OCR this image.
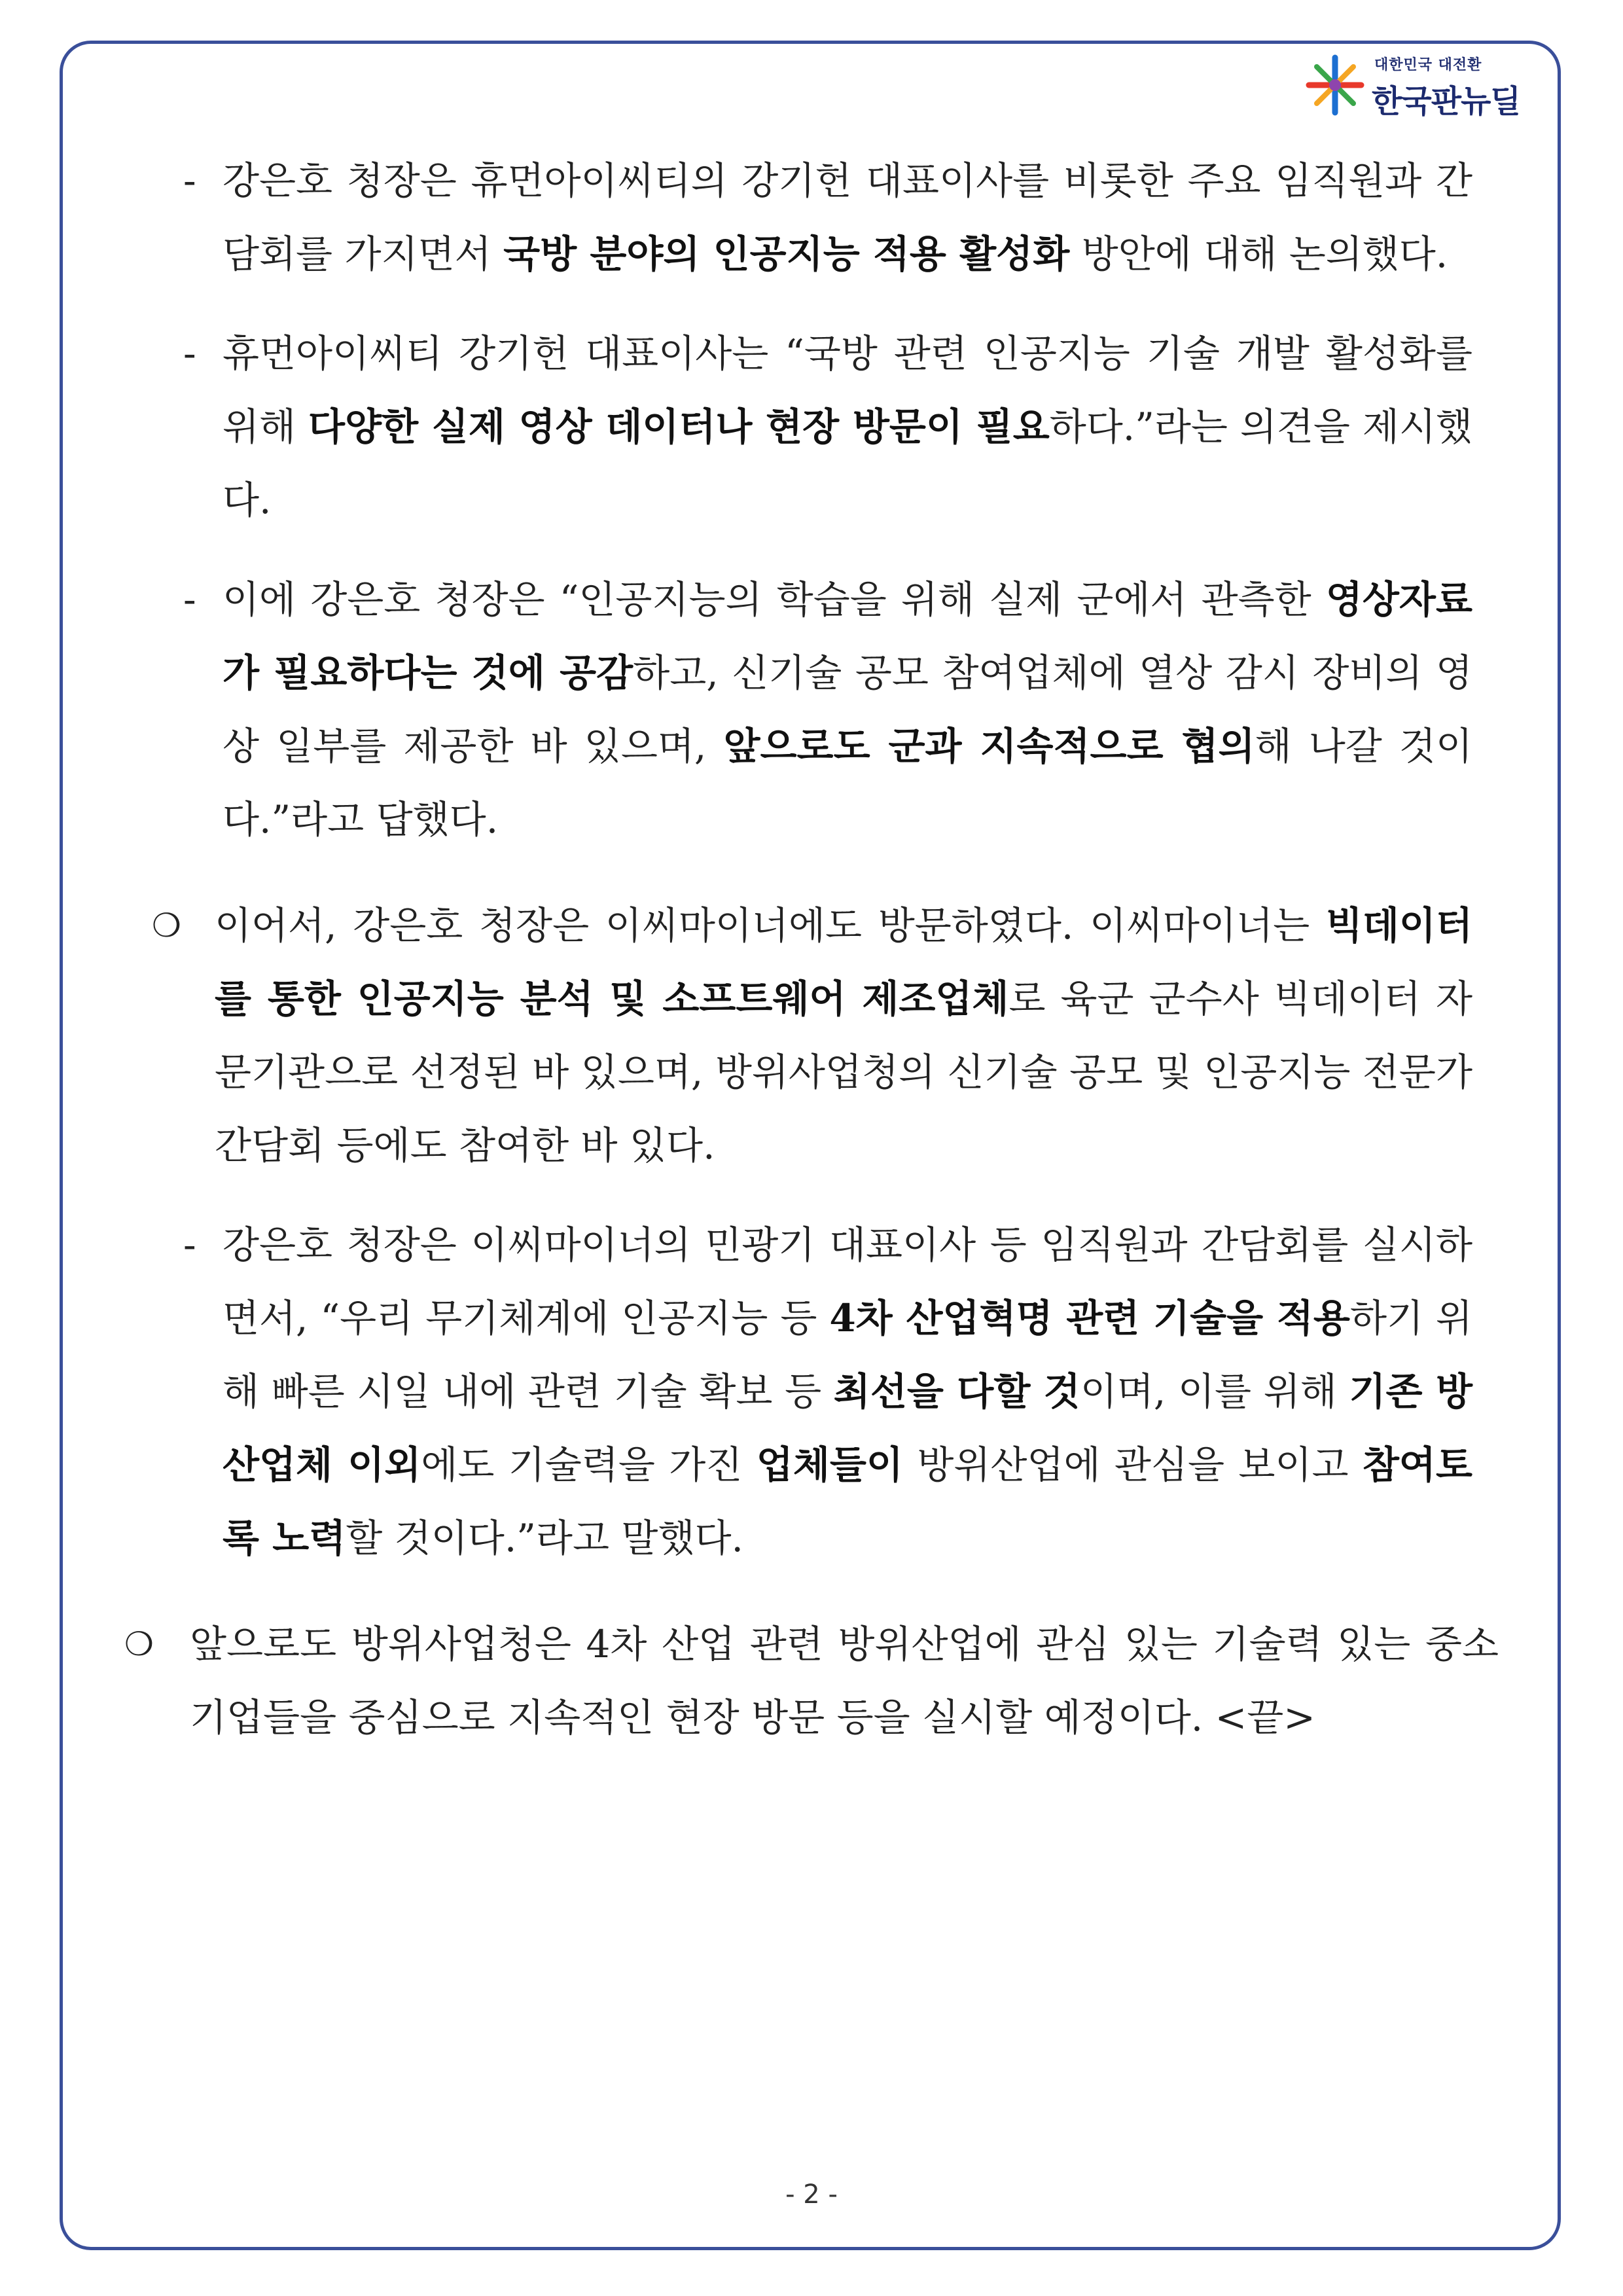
대한민국 대전환
한국판뉴딜
- 강은호 청장은 휴먼아이씨티의 강기헌 대표이사를 비롯한 주요 임직원과 간담회를 가지면서 국방 분야의 인공지능 적용 활성화 방안에 대해 논의했다.
- 휴먼아이씨티 강기헌 대표이사는 “국방 관련 인공지능 기술 개발 활성화를 위해 다양한 실제 영상 데이터나 현장 방문이 필요하다.”라는 의견을 제시했다.
- 이에 강은호 청장은 “인공지능의 학습을 위해 실제 군에서 관측한 영상자료가 필요하다는 것에 공감하고, 신기술 공모 참여업체에 열상 감시 장비의 영상 일부를 제공한 바 있으며, 앞으로도 군과 지속적으로 협의해 나갈 것이다.”라고 답했다.
❍ 이어서, 강은호 청장은 이씨마이너에도 방문하였다. 이씨마이너는 빅데이터를 통한 인공지능 분석 및 소프트웨어 제조업체로 육군 군수사 빅데이터 자문기관으로 선정된 바 있으며, 방위사업청의 신기술 공모 및 인공지능 전문가 간담회 등에도 참여한 바 있다.
- 강은호 청장은 이씨마이너의 민광기 대표이사 등 임직원과 간담회를 실시하면서, “우리 무기체계에 인공지능 등 4차 산업혁명 관련 기술을 적용하기 위해 빠른 시일 내에 관련 기술 확보 등 최선을 다할 것이며, 이를 위해 기존 방산업체 이외에도 기술력을 가진 업체들이 방위산업에 관심을 보이고 참여토록 노력할 것이다.”라고 말했다.
❍ 앞으로도 방위사업청은 4차 산업 관련 방위산업에 관심 있는 기술력 있는 중소기업들을 중심으로 지속적인 현장 방문 등을 실시할 예정이다. <끝>
- 2 -
